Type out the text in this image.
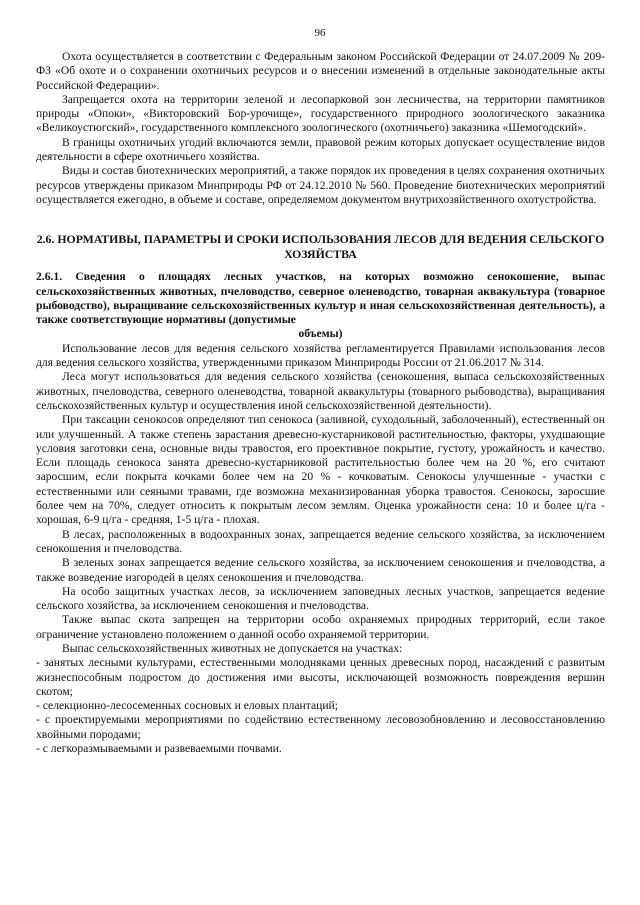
96

Охота осуществляется в соответствии с Федеральным законом Российской Федерации от 24.07.2009 № 209-ФЗ «Об охоте и о сохранении охотничьих ресурсов и о внесении изменений в отдельные законодательные акты Российской Федерации».

Запрещается охота на территории зеленой и лесопарковой зон лесничества, на территории памятников природы «Опоки», «Викторовский Бор-урочище», государственного природного зоологического заказника «Великоустюгский», государственного комплексного зоологического (охотничьего) заказника «Шемогодский».

В границы охотничьих угодий включаются земли, правовой режим которых допускает осуществление видов деятельности в сфере охотничьего хозяйства.

Виды и состав биотехнических мероприятий, а также порядок их проведения в целях сохранения охотничьих ресурсов утверждены приказом Минприроды РФ от 24.12.2010 № 560. Проведение биотехнических мероприятий осуществляется ежегодно, в объеме и составе, определяемом документом внутрихозяйственного охотустройства.

2.6. НОРМАТИВЫ, ПАРАМЕТРЫ И СРОКИ ИСПОЛЬЗОВАНИЯ ЛЕСОВ ДЛЯ ВЕДЕНИЯ СЕЛЬСКОГО ХОЗЯЙСТВА
2.6.1. Сведения о площадях лесных участков, на которых возможно сенокошение, выпас сельскохозяйственных животных, пчеловодство, северное оленеводство, товарная аквакультура (товарное рыбоводство), выращивание сельскохозяйственных культур и иная сельскохозяйственная деятельность), а также соответствующие нормативы (допустимые
объемы)

Использование лесов для ведения сельского хозяйства регламентируется Правилами использования лесов для ведения сельского хозяйства, утвержденными приказом Минприроды России от 21.06.2017 № 314.

Леса могут использоваться для ведения сельского хозяйства (сенокошения, выпаса сельскохозяйственных животных, пчеловодства, северного оленеводства, товарной аквакультуры (товарного рыбоводства), выращивания сельскохозяйственных культур и осуществления иной сельскохозяйственной деятельности).

При таксации сенокосов определяют тип сенокоса (заливной, суходольный, заболоченный), естественный он или улучшенный. А также степень зарастания древесно-кустарниковой растительностью, факторы, ухудшающие условия заготовки сена, основные виды травостоя, его проективное покрытие, густоту, урожайность и качество. Если площадь сенокоса занята древесно-кустарниковой растительностью более чем на 20 %, его считают заросшим, если покрыта кочками более чем на 20 % - кочковатым. Сенокосы улучшенные - участки с естественными или сеяными травами, где возможна механизированная уборка травостоя. Сенокосы, заросшие более чем на 70%, следует относить к покрытым лесом землям. Оценка урожайности сена: 10 и более ц/га - хорошая, 6-9 ц/га - средняя, 1-5 ц/га - плохая.

В лесах, расположенных в водоохранных зонах, запрещается ведение сельского хозяйства, за исключением сенокошения и пчеловодства.

В зеленых зонах запрещается ведение сельского хозяйства, за исключением сенокошения и пчеловодства, а также возведение изгородей в целях сенокошения и пчеловодства.

На особо защитных участках лесов, за исключением заповедных лесных участков, запрещается ведение сельского хозяйства, за исключением сенокошения и пчеловодства.

Также выпас скота запрещен на территории особо охраняемых природных территорий, если такое ограничение установлено положением о данной особо охраняемой территории.

Выпас сельскохозяйственных животных не допускается на участках:

- занятых лесными культурами, естественными молодняками ценных древесных пород, насаждений с развитым жизнеспособным подростом до достижения ими высоты, исключающей возможность повреждения вершин скотом;

- селекционно-лесосеменных сосновых и еловых плантаций;

- с проектируемыми мероприятиями по содействию естественному лесовозобновлению и лесовосстановлению хвойными породами;

- с легкоразмываемыми и развеваемыми почвами.
